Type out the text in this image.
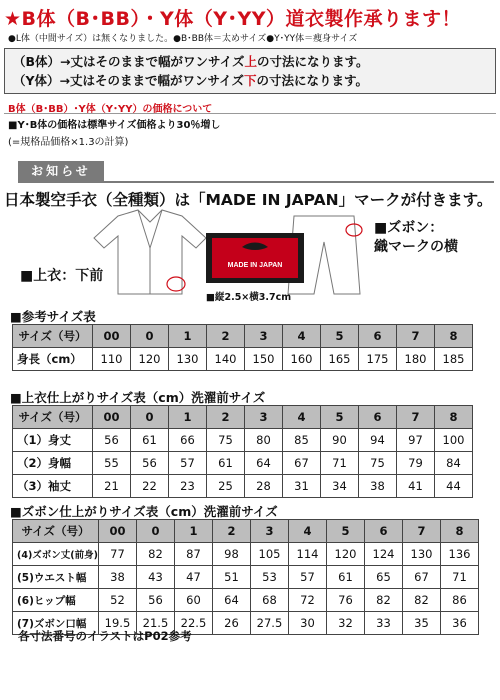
★B体（B･BB）・Y体（Y･YY）道衣製作承ります！
●L体（中間サイズ）は無くなりました。●B･BB体＝太めサイズ●Y･YY体＝痩身サイズ
（B体）→丈はそのままで幅がワンサイズ上の寸法になります。
（Y体）→丈はそのままで幅がワンサイズ下の寸法になります。
B体（B･BB）･Y体（Y･YY）の価格について
■Y･B体の価格は標準サイズ価格より30％増し
(=規格品価格×1.3の計算)
お知らせ
日本製空手衣（全種類）は「MADE IN JAPAN」マークが付きます。
MADE IN JAPAN
■上衣：下前
■ズボン：
織マークの横
■縦2.5×横3.7cm
■参考サイズ表
サイズ（号）	00	0	1	2	3	4	5	6	7	8
身長（cm）	110	120	130	140	150	160	165	175	180	185
■上衣仕上がりサイズ表（cm）洗濯前サイズ
サイズ（号）	00	0	1	2	3	4	5	6	7	8
（1）身丈	56	61	66	75	80	85	90	94	97	100
（2）身幅	55	56	57	61	64	67	71	75	79	84
（3）袖丈	21	22	23	25	28	31	34	38	41	44
■ズボン仕上がりサイズ表（cm）洗濯前サイズ
サイズ（号）	00	0	1	2	3	4	5	6	7	8
(4)ズボン丈(前身)	77	82	87	98	105	114	120	124	130	136
(5)ウエスト幅	38	43	47	51	53	57	61	65	67	71
(6)ヒップ幅	52	56	60	64	68	72	76	82	82	86
(7)ズボン口幅	19.5	21.5	22.5	26	27.5	30	32	33	35	36
各寸法番号のイラストはP02参考
